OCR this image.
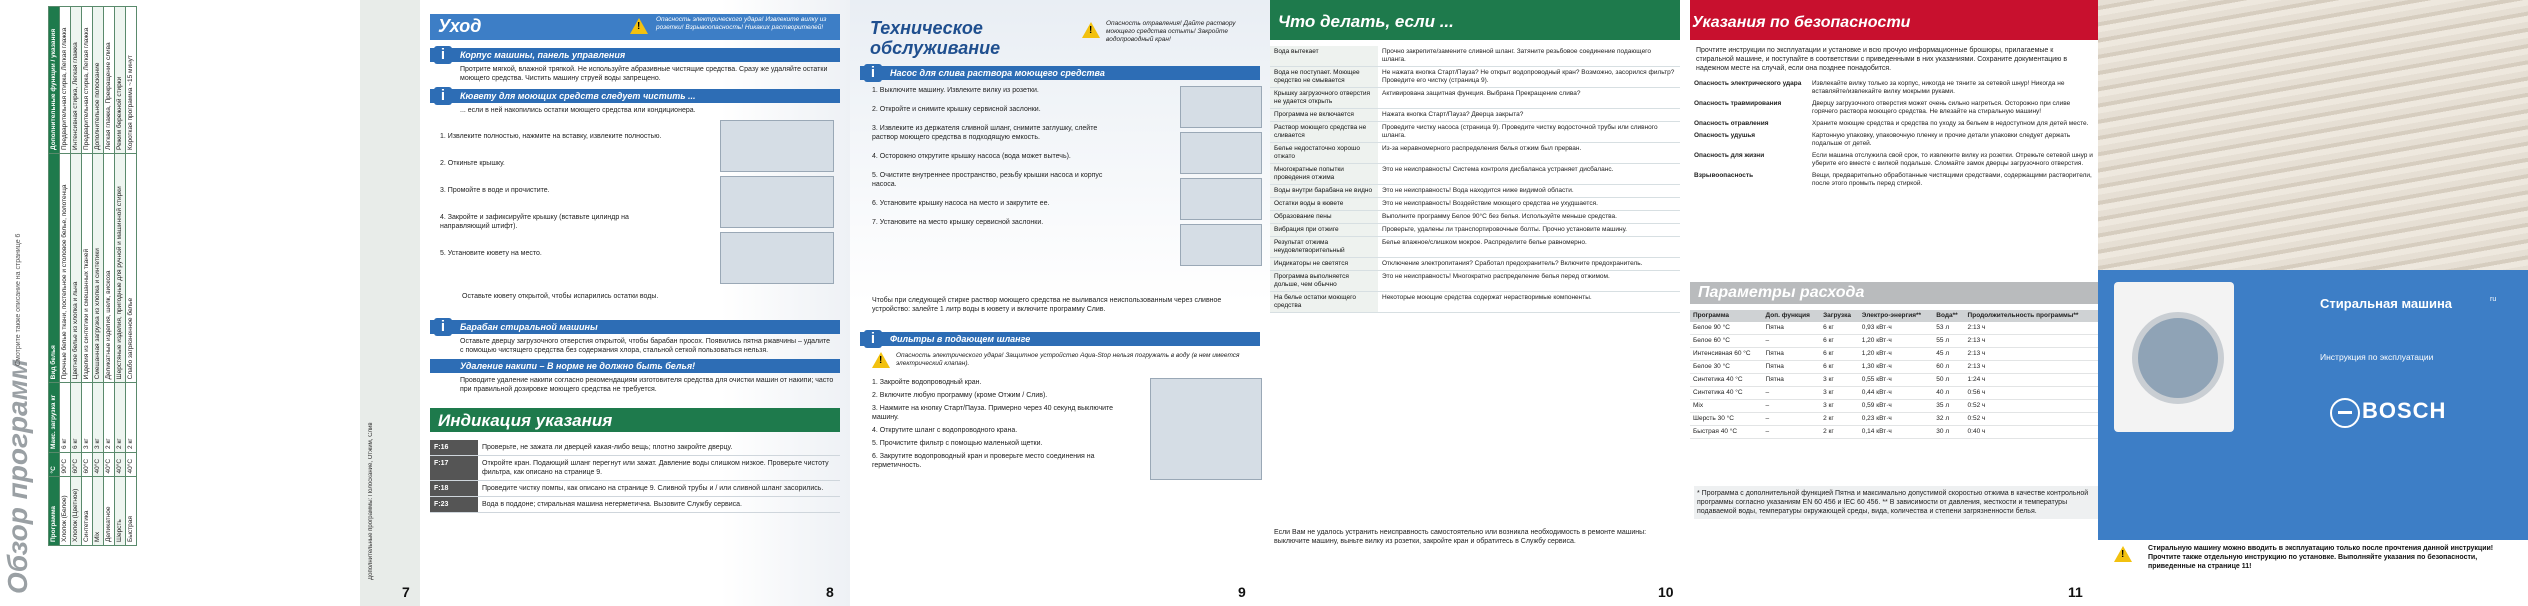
Обзор программ
Смотрите также описание на странице 6
Программа	°C	Макс. загрузка кг	Вид белья	Дополнительные функции / указания
Хлопок (Белое)	90°C	6 кг	Прочные белые ткани, постельное и столовое белье, полотенца	Предварительная стирка, Легкая глажка
Хлопок (Цветное)	60°C	6 кг	Цветное белье из хлопка и льна	Интенсивная стирка, Легкая глажка
Синтетика	60°C	3 кг	Изделия из синтетики и смешанных тканей	Предварительная стирка, Легкая глажка
Mix	40°C	3 кг	Смешанная загрузка из хлопка и синтетики	Дополнительное полоскание
Деликатное	40°C	2 кг	Деликатные изделия, шелк, вискоза	Легкая глажка, Прекращение слива
Шерсть	40°C	2 кг	Шерстяные изделия, пригодные для ручной и машинной стирки	Режим бережной стирки
Быстрая	40°C	2 кг	Слабо загрязненное белье	Короткая программа ~15 минут
Дополнительные программы: Полоскание, Отжим, Слив
7
Уход !	Опасность электрического удара! Извлеките вилку из розетки! Взрывоопасность! Никаких растворителей!
i	Корпус машины, панель управления
Протрите мягкой, влажной тряпкой. Не используйте абразивные чистящие средства. Сразу же удаляйте остатки моющего средства. Чистить машину струей воды запрещено.
i	Кювету для моющих средств следует чистить ...
... если в ней накопились остатки моющего средства или кондиционера.

1. Извлеките полностью, нажмите на вставку, извлеките полностью.

2. Откиньте крышку.

3. Промойте в воде и прочистите.

4. Закройте и зафиксируйте крышку (вставьте цилиндр на направляющий штифт).

5. Установите кювету на место.

Оставьте кювету открытой, чтобы испарились остатки воды.
i	Барабан стиральной машины
Оставьте дверцу загрузочного отверстия открытой, чтобы барабан просох. Появились пятна ржавчины – удалите с помощью чистящего средства без содержания хлора, стальной сеткой пользоваться нельзя.
Удаление накипи – В норме не должно быть белья!
Проводите удаление накипи согласно рекомендациям изготовителя средства для очистки машин от накипи; часто при правильной дозировке моющего средства не требуется.
Индикация указания
F:16	Проверьте, не зажата ли дверцей какая-либо вещь; плотно закройте дверцу.
F:17	Откройте кран. Подающий шланг перегнут или зажат. Давление воды слишком низкое. Проверьте чистоту фильтра, как описано на странице 9.
F:18	Проведите чистку помпы, как описано на странице 9. Сливной трубы и / или сливной шланг засорились.
F:23	Вода в поддоне; стиральная машина негерметична. Вызовите Службу сервиса.
8
Техническое
обслуживание
!
Опасность отравления! Дайте раствору моющего средства остыть! Закройте водопроводный кран!
i	Насос для слива раствора моющего средства

1. Выключите машину. Извлеките вилку из розетки.

2. Откройте и снимите крышку сервисной заслонки.

3. Извлеките из держателя сливной шланг, снимите заглушку, слейте раствор моющего средства в подходящую емкость.

4. Осторожно открутите крышку насоса (вода может вытечь).

5. Очистите внутреннее пространство, резьбу крышки насоса и корпус насоса.

6. Установите крышку насоса на место и закрутите ее.

7. Установите на место крышку сервисной заслонки.

Чтобы при следующей стирке раствор моющего средства не выливался неиспользованным через сливное устройство: залейте 1 литр воды в кювету и включите программу Слив.
i	Фильтры в подающем шланге
!
Опасность электрического удара! Защитное устройство Aqua-Stop нельзя погружать в воду (в нем имеется электрический клапан).

1. Закройте водопроводный кран.

2. Включите любую программу (кроме Отжим / Слив).

3. Нажмите на кнопку Старт/Пауза. Примерно через 40 секунд выключите машину.

4. Открутите шланг с водопроводного крана.

5. Прочистите фильтр с помощью маленькой щетки.

6. Закрутите водопроводный кран и проверьте место соединения на герметичность.

9
Что делать, если ...
Вода вытекает	Прочно закрепите/замените сливной шланг. Затяните резьбовое соединение подающего шланга.
Вода не поступает. Моющее средство не смывается	Не нажата кнопка Старт/Пауза? Не открыт водопроводный кран? Возможно, засорился фильтр? Проведите его чистку (страница 9).
Крышку загрузочного отверстия не удается открыть	Активирована защитная функция. Выбрана Прекращение слива?
Программа не включается	Нажата кнопка Старт/Пауза? Дверца закрыта?
Раствор моющего средства не сливается	Проведите чистку насоса (страница 9). Проведите чистку водосточной трубы или сливного шланга.
Белье недостаточно хорошо отжато	Из-за неравномерного распределения белья отжим был прерван.
Многократные попытки проведения отжима	Это не неисправность! Система контроля дисбаланса устраняет дисбаланс.
Воды внутри барабана не видно	Это не неисправность! Вода находится ниже видимой области.
Остатки воды в кювете	Это не неисправность! Воздействие моющего средства не ухудшается.
Образование пены	Выполните программу Белое 90°C без белья. Используйте меньше средства.
Вибрация при отжиге	Проверьте, удалены ли транспортировочные болты. Прочно установите машину.
Результат отжима неудовлетворительный	Белье влажное/слишком мокрое. Распределите белье равномерно.
Индикаторы не светятся	Отключение электропитания? Сработал предохранитель? Включите предохранитель.
Программа выполняется дольше, чем обычно	Это не неисправность! Многократно распределение белья перед отжимом.
На белье остатки моющего средства	Некоторые моющие средства содержат нерастворимые компоненты.
Если Вам не удалось устранить неисправность самостоятельно или возникла необходимость в ремонте машины: выключите машину, выньте вилку из розетки, закройте кран и обратитесь в Службу сервиса.
10
Указания по безопасности
Прочтите инструкции по эксплуатации и установке и всю прочую информационные брошюры, прилагаемые к стиральной машине, и поступайте в соответствии с приведенными в них указаниями. Сохраните документацию в надежном месте на случай, если она позднее понадобится.
Опасность электрического удара	Извлекайте вилку только за корпус, никогда не тяните за сетевой шнур! Никогда не вставляйте/извлекайте вилку мокрыми руками.
Опасность травмирования	Дверцу загрузочного отверстия может очень сильно нагреться. Осторожно при сливе горячего раствора моющего средства. Не влезайте на стиральную машину!
Опасность отравления	Храните моющие средства и средства по уходу за бельем в недоступном для детей месте.
Опасность удушья	Картонную упаковку, упаковочную пленку и прочие детали упаковки следует держать подальше от детей.
Опасность для жизни	Если машина отслужила свой срок, то извлеките вилку из розетки. Отрежьте сетевой шнур и уберите его вместе с вилкой подальше. Сломайте замок дверцы загрузочного отверстия.
Взрывоопасность	Вещи, предварительно обработанные чистящими средствами, содержащими растворители, после этого промыть перед стиркой.
Параметры расхода
Программа	Доп. функция	Загрузка	Электро-энергия**	Вода**	Продолжительность программы**
Белое 90 °C	Пятна	6 кг	0,93 кВт·ч	53 л	2:13 ч
Белое 60 °C	–	6 кг	1,20 кВт·ч	55 л	2:13 ч
Интенсивная 60 °C	Пятна	6 кг	1,20 кВт·ч	45 л	2:13 ч
Белое 30 °C	Пятна	6 кг	1,30 кВт·ч	60 л	2:13 ч
Синтетика 40 °C	Пятна	3 кг	0,55 кВт·ч	50 л	1:24 ч
Синтетика 40 °C	–	3 кг	0,44 кВт·ч	40 л	0:56 ч
Mix	–	3 кг	0,59 кВт·ч	35 л	0:52 ч
Шерсть 30 °C	–	2 кг	0,23 кВт·ч	32 л	0:52 ч
Быстрая 40 °C	–	2 кг	0,14 кВт·ч	30 л	0:40 ч
* Программа с дополнительной функцией Пятна и максимально допустимой скоростью отжима в качестве контрольной программы согласно указаниям EN 60 456 и IEC 60 456. ** В зависимости от давления, жесткости и температуры подаваемой воды, температуры окружающей среды, вида, количества и степени загрязненности белья.
11
Стиральная машина	ru
Инструкция по эксплуатации
BOSCH
!
Стиральную машину можно вводить в эксплуатацию только после прочтения данной инструкции! Прочтите также отдельную инструкцию по установке. Выполняйте указания по безопасности, приведенные на странице 11!
